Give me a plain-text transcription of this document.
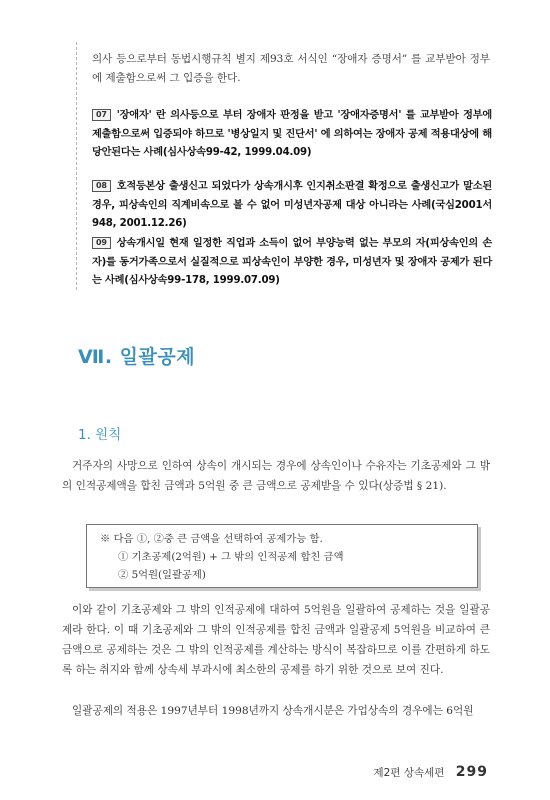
의사 등으로부터 동법시행규칙 별지 제93호 서식인 “장애자 증명서” 를 교부받아 정부에 제출함으로써 그 입증을 한다.
07 '장애자' 란 의사등으로 부터 장애자 판정을 받고 '장애자증명서' 를 교부받아 정부에 제출함으로써 입증되야 하므로 '병상일지 및 진단서' 에 의하여는 장애자 공제 적용대상에 해당안된다는 사례(심사상속99-42, 1999.04.09)
08 호적등본상 출생신고 되었다가 상속개시후 인지취소판결 확정으로 출생신고가 말소된 경우, 피상속인의 직계비속으로 볼 수 없어 미성년자공제 대상 아니라는 사례(국심2001서948, 2001.12.26)
09 상속개시일 현재 일정한 직업과 소득이 없어 부양능력 없는 부모의 자(피상속인의 손자)를 동거가족으로서 실질적으로 피상속인이 부양한 경우, 미성년자 및 장애자 공제가 된다는 사례(심사상속99-178, 1999.07.09)
Ⅶ. 일괄공제
1. 원칙
거주자의 사망으로 인하여 상속이 개시되는 경우에 상속인이나 수유자는 기초공제와 그 밖의 인적공제액을 합친 금액과 5억원 중 큰 금액으로 공제받을 수 있다(상증법 § 21).
※ 다음 ①, ②중 큰 금액을 선택하여 공제가능 함.
① 기초공제(2억원) + 그 밖의 인적공제 합친 금액
② 5억원(일괄공제)
이와 같이 기초공제와 그 밖의 인적공제에 대하여 5억원을 일괄하여 공제하는 것을 일괄공제라 한다. 이 때 기초공제와 그 밖의 인적공제를 합친 금액과 일괄공제 5억원을 비교하여 큰 금액으로 공제하는 것은 그 밖의 인적공제를 계산하는 방식이 복잡하므로 이를 간편하게 하도록 하는 취지와 함께 상속세 부과시에 최소한의 공제를 하기 위한 것으로 보여 진다.
일괄공제의 적용은 1997년부터 1998년까지 상속개시분은 가업상속의 경우에는 6억원
제2편 상속세편 299
